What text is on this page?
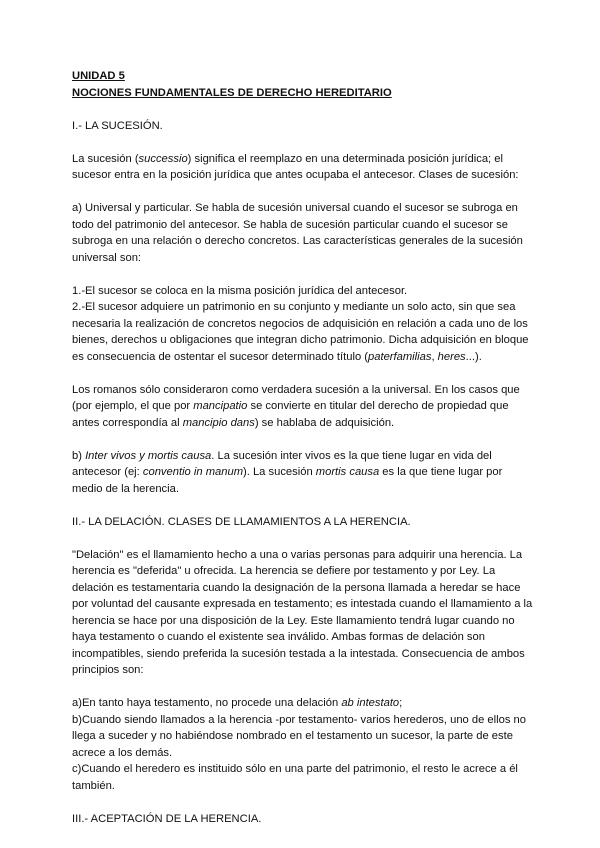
UNIDAD 5

NOCIONES FUNDAMENTALES DE DERECHO HEREDITARIO

I.- LA SUCESIÓN.

La sucesión (successio) significa el reemplazo en una determinada posición jurídica; el sucesor entra en la posición jurídica que antes ocupaba el antecesor. Clases de sucesión:

a) Universal y particular. Se habla de sucesión universal cuando el sucesor se subroga en todo del patrimonio del antecesor. Se habla de sucesión particular cuando el sucesor se subroga en una relación o derecho concretos. Las características generales de la sucesión universal son:

1.-El sucesor se coloca en la misma posición jurídica del antecesor.

2.-El sucesor adquiere un patrimonio en su conjunto y mediante un solo acto, sin que sea necesaria la realización de concretos negocios de adquisición en relación a cada uno de los bienes, derechos u obligaciones que integran dicho patrimonio. Dicha adquisición en bloque es consecuencia de ostentar el sucesor determinado título (paterfamilias, heres...).

Los romanos sólo consideraron como verdadera sucesión a la universal. En los casos que (por ejemplo, el que por mancipatio se convierte en titular del derecho de propiedad que antes correspondía al mancipio dans) se hablaba de adquisición.

b) Inter vivos y mortis causa. La sucesión inter vivos es la que tiene lugar en vida del antecesor (ej: conventio in manum). La sucesión mortis causa es la que tiene lugar por medio de la herencia.

II.- LA DELACIÓN. CLASES DE LLAMAMIENTOS A LA HERENCIA.

"Delación" es el llamamiento hecho a una o varias personas para adquirir una herencia. La herencia es "deferida" u ofrecida. La herencia se defiere por testamento y por Ley. La delación es testamentaria cuando la designación de la persona llamada a heredar se hace por voluntad del causante expresada en testamento; es intestada cuando el llamamiento a la herencia se hace por una disposición de la Ley. Este llamamiento tendrá lugar cuando no haya testamento o cuando el existente sea inválido. Ambas formas de delación son incompatibles, siendo preferida la sucesión testada a la intestada. Consecuencia de ambos principios son:

a)En tanto haya testamento, no procede una delación ab intestato;

b)Cuando siendo llamados a la herencia -por testamento- varios herederos, uno de ellos no llega a suceder y no habiéndose nombrado en el testamento un sucesor, la parte de este acrece a los demás.

c)Cuando el heredero es instituido sólo en una parte del patrimonio, el resto le acrece a él también.

III.- ACEPTACIÓN DE LA HERENCIA.
